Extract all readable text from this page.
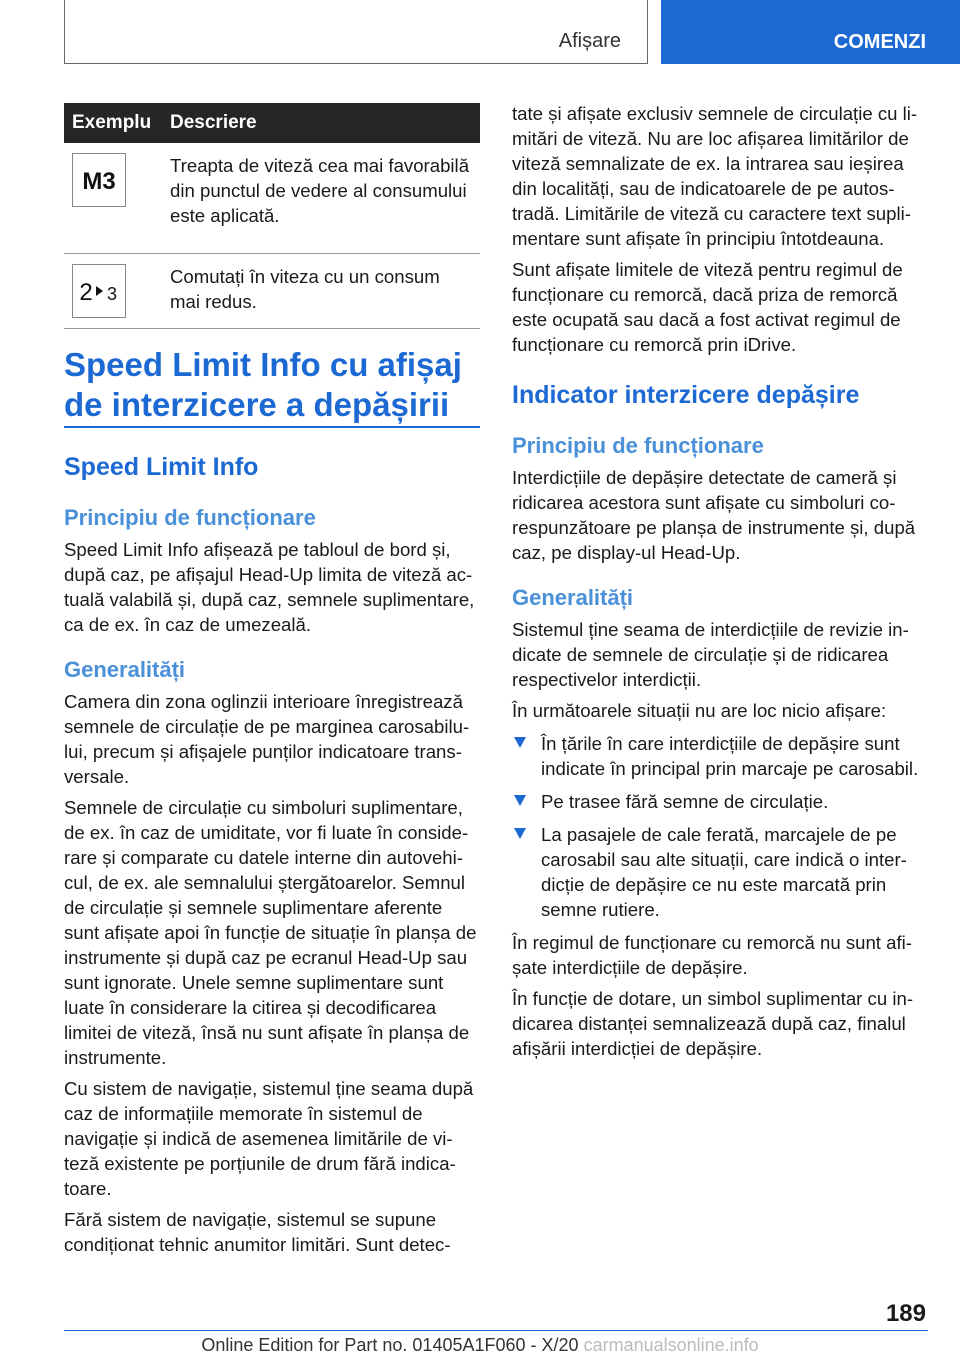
Afișare	COMENZI
Exemplu	Descriere

M3	Treapta de viteză cea mai favorabilă din punctul de vedere al consumului este aplicată.

2 3	Comutați în viteza cu un consum mai redus.
Speed Limit Info cu afișaj de interzicere a depășirii
Speed Limit Info
Principiu de funcționare

Speed Limit Info afișează pe tabloul de bord și, după caz, pe afișajul Head-Up limita de viteză actuală valabilă și, după caz, semnele suplimentare, ca de ex. în caz de umezeală.

Generalități

Camera din zona oglinzii interioare înregistrează semnele de circulație de pe marginea carosabilului, precum și afișajele punților indicatoare transversale.

Semnele de circulație cu simboluri suplimentare, de ex. în caz de umiditate, vor fi luate în considerare și comparate cu datele interne din autovehicul, de ex. ale semnalului ștergătoarelor. Semnul de circulație și semnele suplimentare aferente sunt afișate apoi în funcție de situație în planșa de instrumente și după caz pe ecranul Head-Up sau sunt ignorate. Unele semne suplimentare sunt luate în considerare la citirea și decodificarea limitei de viteză, însă nu sunt afișate în planșa de instrumente.

Cu sistem de navigație, sistemul ține seama după caz de informațiile memorate în sistemul de navigație și indică de asemenea limitările de viteză existente pe porțiunile de drum fără indicatoare.

Fără sistem de navigație, sistemul se supune condiționat tehnic anumitor limitări. Sunt detec-

tate și afișate exclusiv semnele de circulație cu limitări de viteză. Nu are loc afișarea limitărilor de viteză semnalizate de ex. la intrarea sau ieșirea din localități, sau de indicatoarele de pe autostradă. Limitările de viteză cu caractere text suplimentare sunt afișate în principiu întotdeauna.

Sunt afișate limitele de viteză pentru regimul de funcționare cu remorcă, dacă priza de remorcă este ocupată sau dacă a fost activat regimul de funcționare cu remorcă prin iDrive.

Indicator interzicere depășire
Principiu de funcționare

Interdicțiile de depășire detectate de cameră și ridicarea acestora sunt afișate cu simboluri corespunzătoare pe planșa de instrumente și, după caz, pe display-ul Head-Up.

Generalități

Sistemul ține seama de interdicțiile de revizie indicate de semnele de circulație și de ridicarea respectivelor interdicții.

În următoarele situații nu are loc nicio afișare:

În țările în care interdicțiile de depășire sunt indicate în principal prin marcaje pe carosabil.
Pe trasee fără semne de circulație.
La pasajele de cale ferată, marcajele de pe carosabil sau alte situații, care indică o interdicție de depășire ce nu este marcată prin semne rutiere.

În regimul de funcționare cu remorcă nu sunt afișate interdicțiile de depășire.

În funcție de dotare, un simbol suplimentar cu indicarea distanței semnalizează după caz, finalul afișării interdicției de depășire.

189
Online Edition for Part no. 01405A1F060 - X/20 carmanualsonline.info
